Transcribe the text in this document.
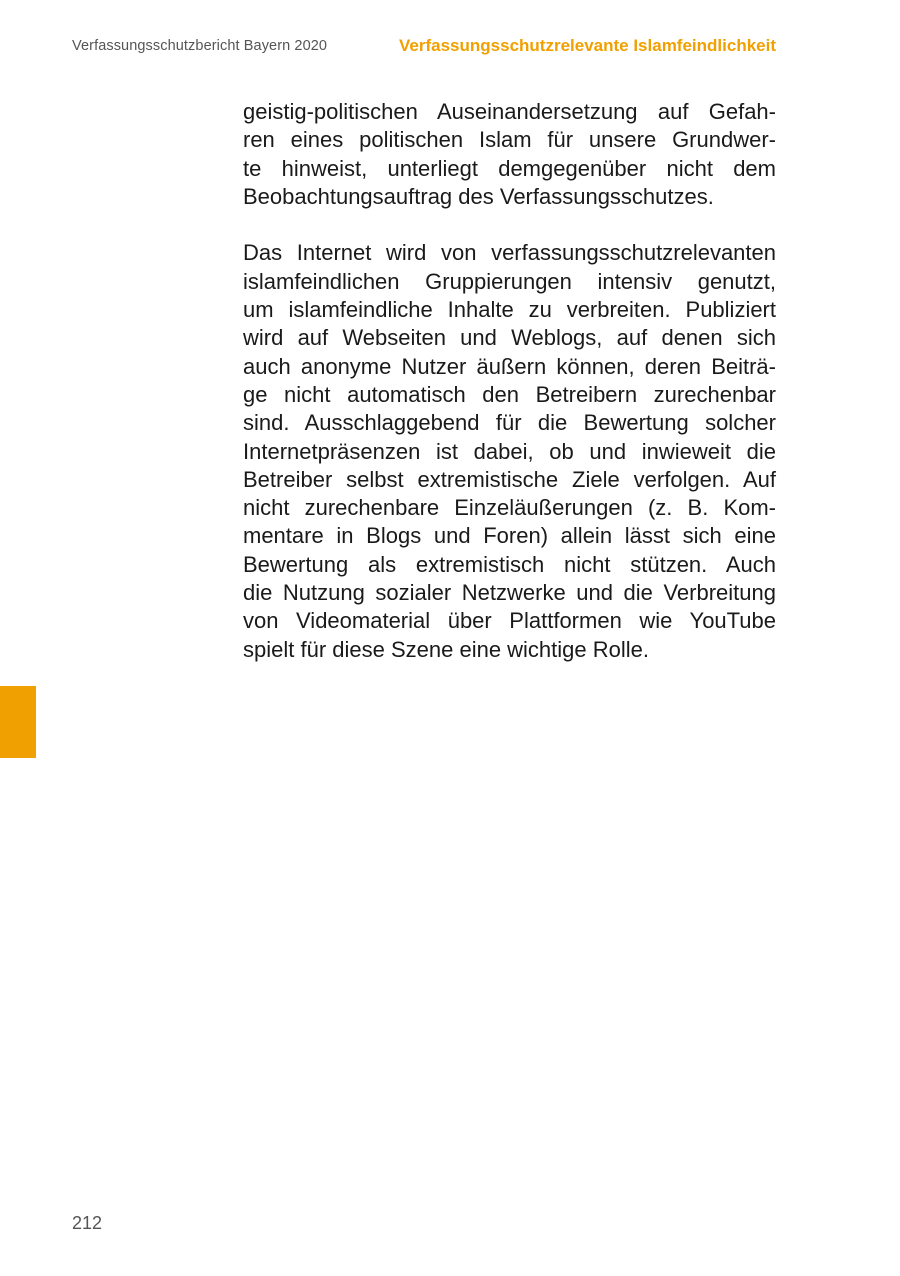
Verfassungsschutzbericht Bayern 2020	Verfassungsschutzrelevante Islamfeindlichkeit

geistig-politischen Auseinandersetzung auf Gefah-
ren eines politischen Islam für unsere Grundwer-
te hinweist, unterliegt demgegenüber nicht dem
Beobachtungsauftrag des Verfassungsschutzes.

Das Internet wird von verfassungsschutzrelevanten
islamfeindlichen Gruppierungen intensiv genutzt,
um islamfeindliche Inhalte zu verbreiten. Publiziert
wird auf Webseiten und Weblogs, auf denen sich
auch anonyme Nutzer äußern können, deren Beiträ-
ge nicht automatisch den Betreibern zurechenbar
sind. Ausschlaggebend für die Bewertung solcher
Internetpräsenzen ist dabei, ob und inwieweit die
Betreiber selbst extremistische Ziele verfolgen. Auf
nicht zurechenbare Einzeläußerungen (z. B. Kom-
mentare in Blogs und Foren) allein lässt sich eine
Bewertung als extremistisch nicht stützen. Auch
die Nutzung sozialer Netzwerke und die Verbreitung
von Videomaterial über Plattformen wie YouTube
spielt für diese Szene eine wichtige Rolle.

212
